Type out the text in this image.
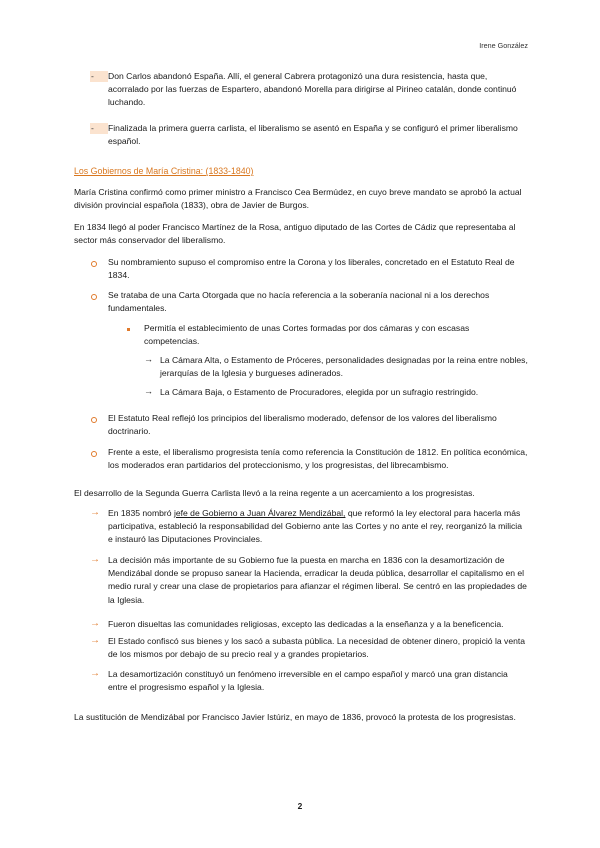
Irene González
- Don Carlos abandonó España. Allí, el general Cabrera protagonizó una dura resistencia, hasta que, acorralado por las fuerzas de Espartero, abandonó Morella para dirigirse al Pirineo catalán, donde continuó luchando.
- Finalizada la primera guerra carlista, el liberalismo se asentó en España y se configuró el primer liberalismo español.
Los Gobiernos de María Cristina: (1833-1840)
María Cristina confirmó como primer ministro a Francisco Cea Bermúdez, en cuyo breve mandato se aprobó la actual división provincial española (1833), obra de Javier de Burgos.
En 1834 llegó al poder Francisco Martínez de la Rosa, antiguo diputado de las Cortes de Cádiz que representaba al sector más conservador del liberalismo.
Su nombramiento supuso el compromiso entre la Corona y los liberales, concretado en el Estatuto Real de 1834.
Se trataba de una Carta Otorgada que no hacía referencia a la soberanía nacional ni a los derechos fundamentales.
Permitía el establecimiento de unas Cortes formadas por dos cámaras y con escasas competencias.
→ La Cámara Alta, o Estamento de Próceres, personalidades designadas por la reina entre nobles, jerarquías de la Iglesia y burgueses adinerados.
→ La Cámara Baja, o Estamento de Procuradores, elegida por un sufragio restringido.
El Estatuto Real reflejó los principios del liberalismo moderado, defensor de los valores del liberalismo doctrinario.
Frente a este, el liberalismo progresista tenía como referencia la Constitución de 1812. En política económica, los moderados eran partidarios del proteccionismo, y los progresistas, del librecambismo.
El desarrollo de la Segunda Guerra Carlista llevó a la reina regente a un acercamiento a los progresistas.
→ En 1835 nombró jefe de Gobierno a Juan Álvarez Mendizábal, que reformó la ley electoral para hacerla más participativa, estableció la responsabilidad del Gobierno ante las Cortes y no ante el rey, reorganizó la milicia e instauró las Diputaciones Provinciales.
→ La decisión más importante de su Gobierno fue la puesta en marcha en 1836 con la desamortización de Mendizábal donde se propuso sanear la Hacienda, erradicar la deuda pública, desarrollar el capitalismo en el medio rural y crear una clase de propietarios para afianzar el régimen liberal. Se centró en las propiedades de la Iglesia.
→ Fueron disueltas las comunidades religiosas, excepto las dedicadas a la enseñanza y a la beneficencia.
→ El Estado confiscó sus bienes y los sacó a subasta pública. La necesidad de obtener dinero, propició la venta de los mismos por debajo de su precio real y a grandes propietarios.
→ La desamortización constituyó un fenómeno irreversible en el campo español y marcó una gran distancia entre el progresismo español y la Iglesia.
La sustitución de Mendizábal por Francisco Javier Istúriz, en mayo de 1836, provocó la protesta de los progresistas.
2
